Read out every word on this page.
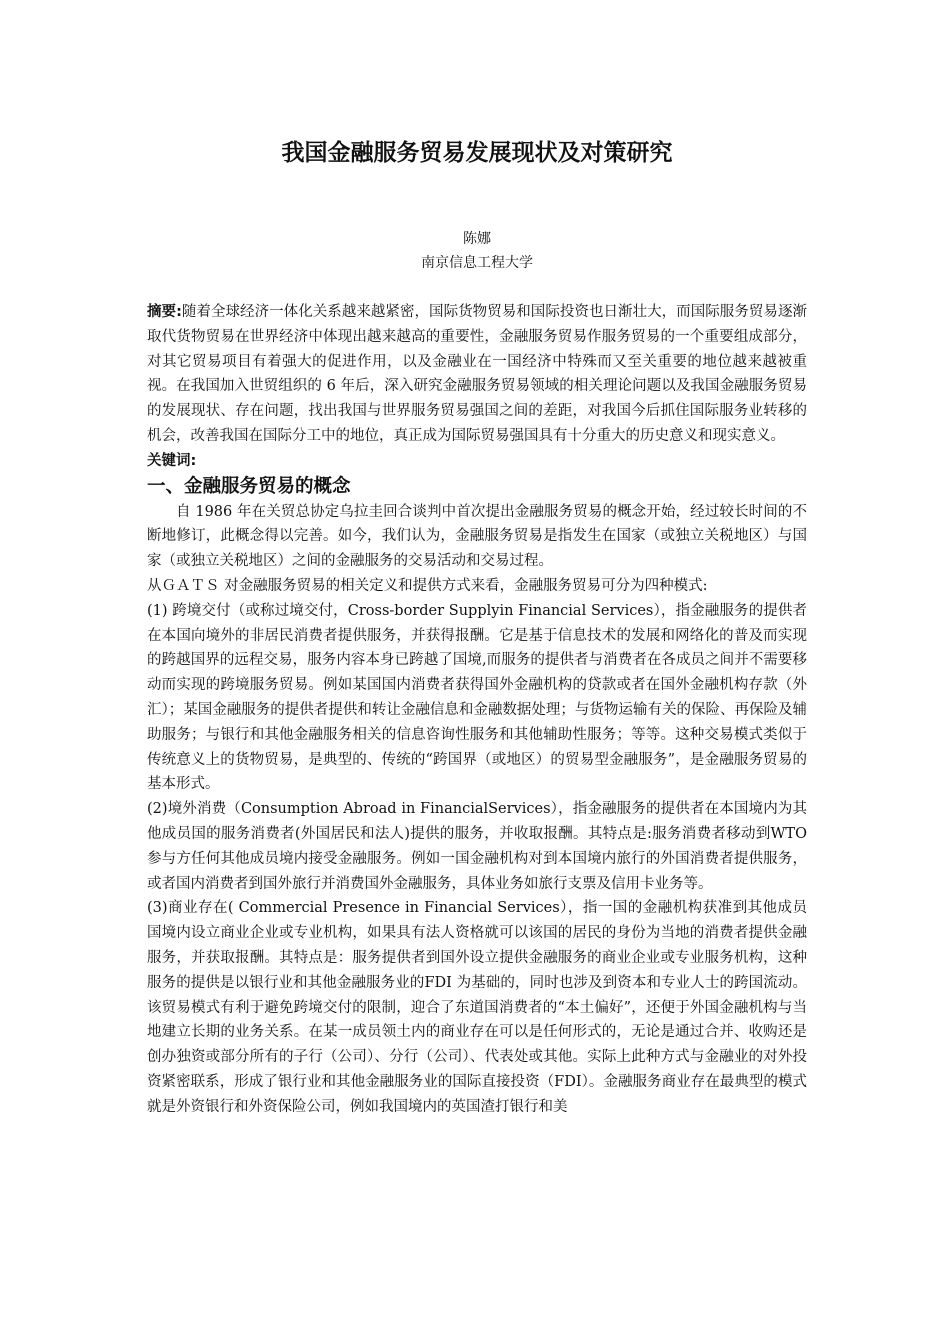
我国金融服务贸易发展现状及对策研究

陈娜

南京信息工程大学

摘要:随着全球经济一体化关系越来越紧密，国际货物贸易和国际投资也日渐壮大，而国际服务贸易逐渐取代货物贸易在世界经济中体现出越来越高的重要性，金融服务贸易作服务贸易的一个重要组成部分，对其它贸易项目有着强大的促进作用，以及金融业在一国经济中特殊而又至关重要的地位越来越被重视。在我国加入世贸组织的 6 年后，深入研究金融服务贸易领域的相关理论问题以及我国金融服务贸易的发展现状、存在问题，找出我国与世界服务贸易强国之间的差距，对我国今后抓住国际服务业转移的机会，改善我国在国际分工中的地位，真正成为国际贸易强国具有十分重大的历史意义和现实意义。

关键词:

一、金融服务贸易的概念

自 1986 年在关贸总协定乌拉圭回合谈判中首次提出金融服务贸易的概念开始，经过较长时间的不断地修订，此概念得以完善。如今，我们认为，金融服务贸易是指发生在国家（或独立关税地区）与国家（或独立关税地区）之间的金融服务的交易活动和交易过程。

从ＧＡＴＳ 对金融服务贸易的相关定义和提供方式来看，金融服务贸易可分为四种模式:

(1) 跨境交付（或称过境交付，Cross-border Supplyin Financial Services），指金融服务的提供者在本国向境外的非居民消费者提供服务，并获得报酬。它是基于信息技术的发展和网络化的普及而实现的跨越国界的远程交易，服务内容本身已跨越了国境,而服务的提供者与消费者在各成员之间并不需要移动而实现的跨境服务贸易。例如某国国内消费者获得国外金融机构的贷款或者在国外金融机构存款（外汇）；某国金融服务的提供者提供和转让金融信息和金融数据处理；与货物运输有关的保险、再保险及辅助服务；与银行和其他金融服务相关的信息咨询性服务和其他辅助性服务；等等。这种交易模式类似于传统意义上的货物贸易，是典型的、传统的“跨国界（或地区）的贸易型金融服务”，是金融服务贸易的基本形式。

(2)境外消费（Consumption Abroad in FinancialServices），指金融服务的提供者在本国境内为其他成员国的服务消费者(外国居民和法人)提供的服务，并收取报酬。其特点是:服务消费者移动到WTO 参与方任何其他成员境内接受金融服务。例如一国金融机构对到本国境内旅行的外国消费者提供服务，或者国内消费者到国外旅行并消费国外金融服务，具体业务如旅行支票及信用卡业务等。

(3)商业存在( Commercial Presence in Financial Services），指一国的金融机构获准到其他成员国境内设立商业企业或专业机构，如果具有法人资格就可以该国的居民的身份为当地的消费者提供金融服务，并获取报酬。其特点是：服务提供者到国外设立提供金融服务的商业企业或专业服务机构，这种服务的提供是以银行业和其他金融服务业的FDI 为基础的，同时也涉及到资本和专业人士的跨国流动。该贸易模式有利于避免跨境交付的限制，迎合了东道国消费者的“本土偏好”，还便于外国金融机构与当地建立长期的业务关系。在某一成员领土内的商业存在可以是任何形式的，无论是通过合并、收购还是创办独资或部分所有的子行（公司）、分行（公司）、代表处或其他。实际上此种方式与金融业的对外投资紧密联系，形成了银行业和其他金融服务业的国际直接投资（FDI）。金融服务商业存在最典型的模式就是外资银行和外资保险公司，例如我国境内的英国渣打银行和美
